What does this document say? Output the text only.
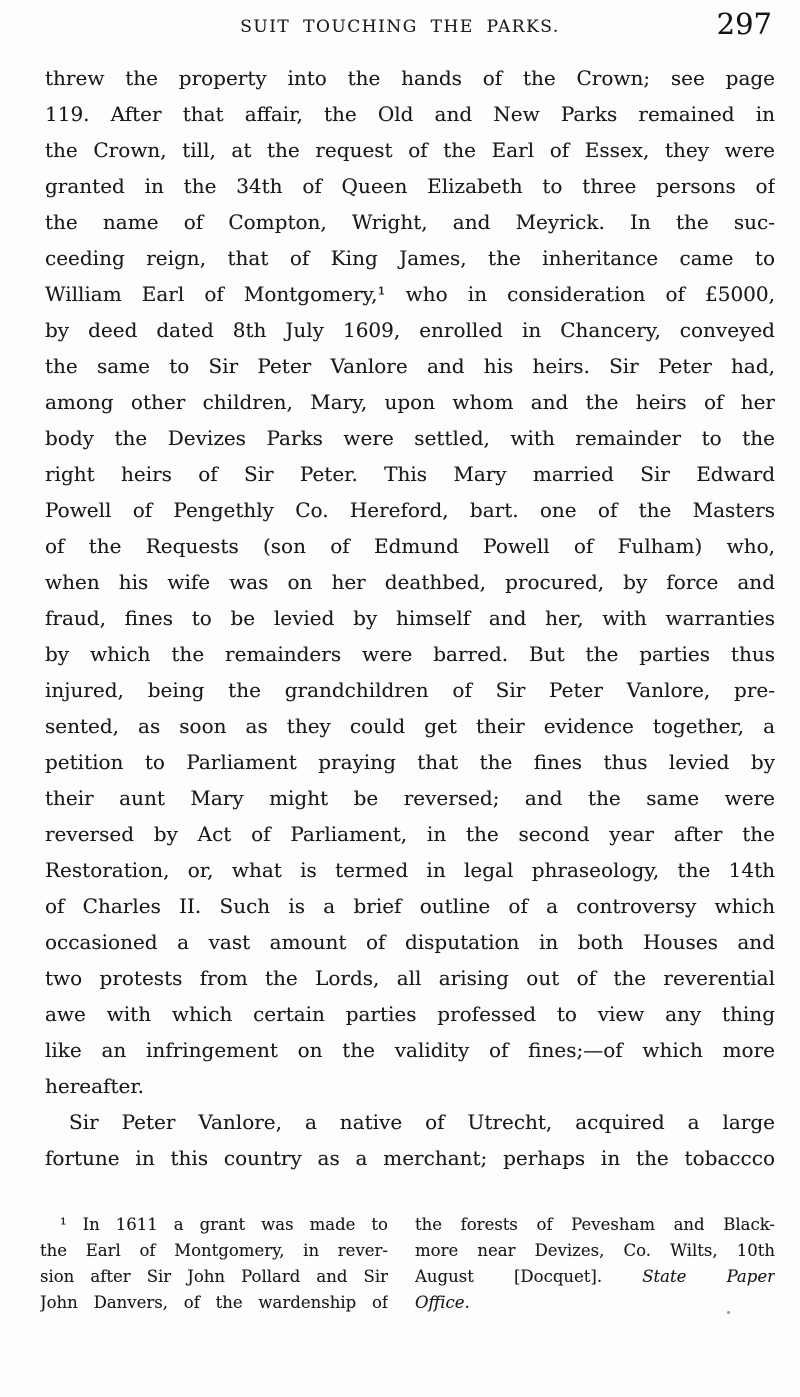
SUIT TOUCHING THE PARKS.	297
threw the property into the hands of the Crown; see page
119. After that affair, the Old and New Parks remained in
the Crown, till, at the request of the Earl of Essex, they were
granted in the 34th of Queen Elizabeth to three persons of
the name of Compton, Wright, and Meyrick. In the suc-
ceeding reign, that of King James, the inheritance came to
William Earl of Montgomery,¹ who in consideration of £5000,
by deed dated 8th July 1609, enrolled in Chancery, conveyed
the same to Sir Peter Vanlore and his heirs. Sir Peter had,
among other children, Mary, upon whom and the heirs of her
body the Devizes Parks were settled, with remainder to the
right heirs of Sir Peter. This Mary married Sir Edward
Powell of Pengethly Co. Hereford, bart. one of the Masters
of the Requests (son of Edmund Powell of Fulham) who,
when his wife was on her deathbed, procured, by force and
fraud, fines to be levied by himself and her, with warranties
by which the remainders were barred. But the parties thus
injured, being the grandchildren of Sir Peter Vanlore, pre-
sented, as soon as they could get their evidence together, a
petition to Parliament praying that the fines thus levied by
their aunt Mary might be reversed; and the same were
reversed by Act of Parliament, in the second year after the
Restoration, or, what is termed in legal phraseology, the 14th
of Charles II. Such is a brief outline of a controversy which
occasioned a vast amount of disputation in both Houses and
two protests from the Lords, all arising out of the reverential
awe with which certain parties professed to view any thing
like an infringement on the validity of fines;—of which more
hereafter.
Sir Peter Vanlore, a native of Utrecht, acquired a large
fortune in this country as a merchant; perhaps in the tobaccco
¹ In 1611 a grant was made to
the Earl of Montgomery, in rever-
sion after Sir John Pollard and Sir
John Danvers, of the wardenship of
the forests of Pevesham and Black-
more near Devizes, Co. Wilts, 10th
August [Docquet]. State Paper
Office.
